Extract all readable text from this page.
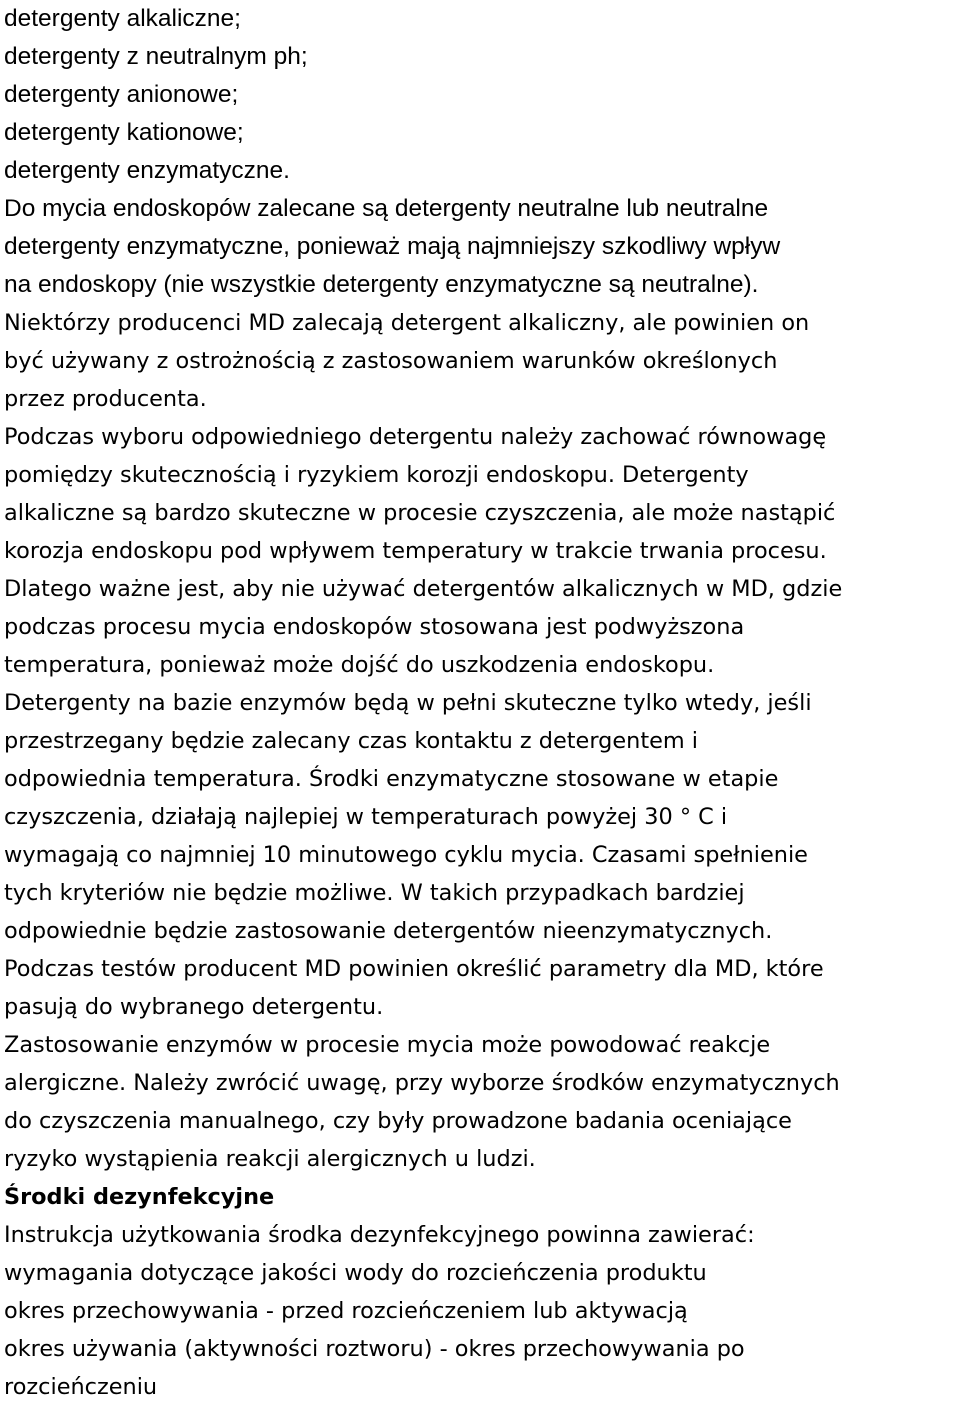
detergenty alkaliczne;
detergenty z neutralnym ph;
detergenty anionowe;
detergenty kationowe;
detergenty enzymatyczne.
Do mycia endoskopów zalecane są detergenty neutralne lub neutralne
detergenty enzymatyczne, ponieważ mają najmniejszy szkodliwy wpływ
na endoskopy (nie wszystkie detergenty enzymatyczne są neutralne).
Niektórzy producenci MD zalecają detergent alkaliczny, ale powinien on
być używany z ostrożnością z zastosowaniem warunków określonych
przez producenta.
Podczas wyboru odpowiedniego detergentu należy zachować równowagę
pomiędzy skutecznością i ryzykiem korozji endoskopu. Detergenty
alkaliczne są bardzo skuteczne w procesie czyszczenia, ale może nastąpić
korozja endoskopu pod wpływem temperatury w trakcie trwania procesu.
Dlatego ważne jest, aby nie używać detergentów alkalicznych w MD, gdzie
podczas procesu mycia endoskopów stosowana jest podwyższona
temperatura, ponieważ może dojść do uszkodzenia endoskopu.
Detergenty na bazie enzymów będą w pełni skuteczne tylko wtedy, jeśli
przestrzegany będzie zalecany czas kontaktu z detergentem i
odpowiednia temperatura. Środki enzymatyczne stosowane w etapie
czyszczenia, działają najlepiej w temperaturach powyżej 30 ° C i
wymagają co najmniej 10 minutowego cyklu mycia. Czasami spełnienie
tych kryteriów nie będzie możliwe. W takich przypadkach bardziej
odpowiednie będzie zastosowanie detergentów nieenzymatycznych.
Podczas testów producent MD powinien określić parametry dla MD, które
pasują do wybranego detergentu.
Zastosowanie enzymów w procesie mycia może powodować reakcje
alergiczne. Należy zwrócić uwagę, przy wyborze środków enzymatycznych
do czyszczenia manualnego, czy były prowadzone badania oceniające
ryzyko wystąpienia reakcji alergicznych u ludzi.
Środki dezynfekcyjne
Instrukcja użytkowania środka dezynfekcyjnego powinna zawierać:
wymagania dotyczące jakości wody do rozcieńczenia produktu
okres przechowywania - przed rozcieńczeniem lub aktywacją
okres używania (aktywności roztworu) - okres przechowywania po
rozcieńczeniu
